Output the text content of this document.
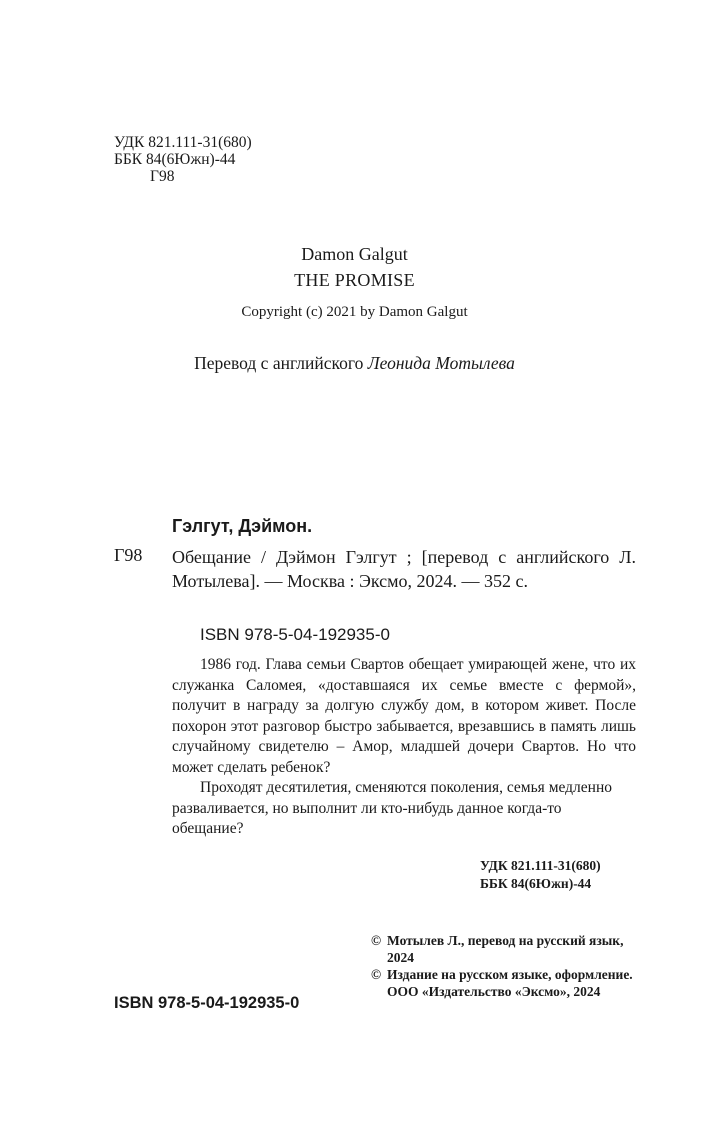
УДК 821.111-31(680)
ББК 84(6Южн)-44
Г98
Damon Galgut
THE PROMISE
Copyright (c) 2021 by Damon Galgut
Перевод с английского Леонида Мотылева
Гэлгут, Дэймон.
Г98 Обещание / Дэймон Гэлгут ; [перевод с английского Л. Мотылева]. — Москва : Эксмо, 2024. — 352 с.
ISBN 978-5-04-192935-0

1986 год. Глава семьи Свартов обещает умирающей жене, что их служанка Саломея, «доставшаяся их семье вместе с фермой», получит в награду за долгую службу дом, в котором живет. После похорон этот разговор быстро забывается, врезавшись в память лишь случайному свидетелю – Амор, младшей дочери Свартов. Но что может сделать ребенок?

Проходят десятилетия, сменяются поколения, семья медленно разваливается, но выполнит ли кто-нибудь данное когда-то обещание?

УДК 821.111-31(680)
ББК 84(6Южн)-44
© Мотылев Л., перевод на русский язык, 2024
© Издание на русском языке, оформление. ООО «Издательство «Эксмо», 2024
ISBN 978-5-04-192935-0
